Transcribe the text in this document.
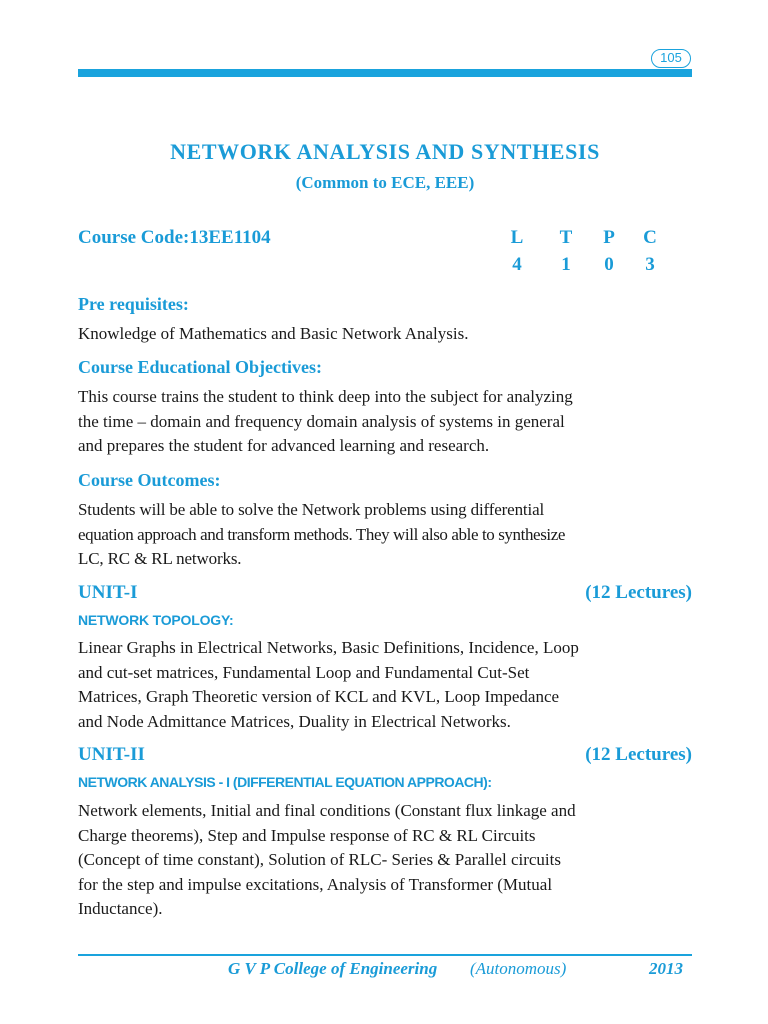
105
NETWORK ANALYSIS AND SYNTHESIS
(Common to ECE, EEE)
Course Code:13EE1104	L T P C
4 1 0 3
Pre requisites:
Knowledge of Mathematics and Basic Network Analysis.
Course Educational Objectives:
This course trains the student to think deep into the subject for analyzing
the time – domain and frequency domain analysis of systems in general
and prepares the student for advanced learning and research.
Course Outcomes:
Students will be able to solve the Network problems using differential
equation approach and transform methods. They will also able to synthesize
LC, RC & RL networks.
UNIT-I	(12 Lectures)
NETWORK TOPOLOGY:
Linear Graphs in Electrical Networks, Basic Definitions, Incidence, Loop
and cut-set matrices, Fundamental Loop and Fundamental Cut-Set
Matrices, Graph Theoretic version of KCL and KVL, Loop Impedance
and Node Admittance Matrices, Duality in Electrical Networks.
UNIT-II	(12 Lectures)
NETWORK ANALYSIS - I (DIFFERENTIAL EQUATION APPROACH):
Network elements, Initial and final conditions (Constant flux linkage and
Charge theorems), Step and Impulse response of RC & RL Circuits
(Concept of time constant), Solution of RLC- Series & Parallel circuits
for the step and impulse excitations, Analysis of Transformer (Mutual
Inductance).
G V P College of Engineering (Autonomous)	2013
